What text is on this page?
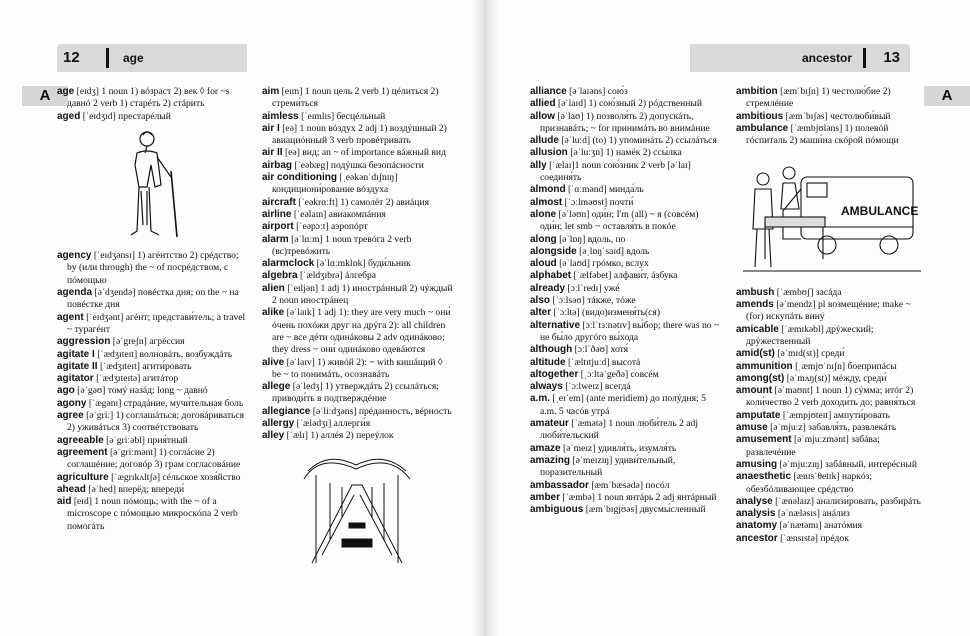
12	age
A age [eɪdʒ] 1 noun 1) вóзраст 2) век ◊ for ~s давнó 2 verb 1) старéть 2) стáрить

aged [ˈeɪdʒɪd] престарéлый

agency [ˈeɪdʒənsɪ] 1) агéнтство 2) срéдство; by (или through) the ~ of посрéдством, с пóмощью

agenda [əˈdʒendə] повéстка дня; on the ~ на повéстке дня

agent [ˈeɪdʒənt] агéнт; представи́тель; a travel ~ турагéнт

aggression [əˈgreʃn] агрéссия

agitate I [ˈædʒɪteɪt] волновáть, возбуждáть

agitate II [ˈædʒɪteɪt] агити́ровать

agitator [ˈædʒɪteɪtə] агитáтор

ago [əˈgəʊ] томý назáд; long ~ давнó

agony [ˈægənɪ] страдáние, мучи́тельная боль

agree [əˈgriː] 1) соглашáться; договáриваться 2) уживáться 3) соотвéтствовать

agreeable [əˈgriːəbl] прия́тный

agreement [əˈgriːmənt] 1) соглáсие 2) соглашéние; договóр 3) грам согласовáние

agriculture [ˈægrɪkʌltʃə] сéльское хозя́йство

ahead [əˈhed] вперёд; впереди́

aid [eɪd] 1 noun пóмощь; with the ~ of a microscope с пóмощью микроскóпа 2 verb помогáть

aim [eɪm] 1 noun цель 2 verb 1) цéлиться 2) стреми́ться

aimless [ˈeɪmlɪs] бесцéльный

air I [eə] 1 noun вóздух 2 adj 1) воздýшный 2) авиациóнный 3 verb провéтривать

air II [eə] вид; an ~ of importance вáжный вид

airbag [ˈeəbæg] подýшка безопáсности

air conditioning [ˌeəkənˈdɪʃnɪŋ] кондициони́рование вóздуха

aircraft [ˈeəkrɑːft] 1) самолёт 2) авиáция

airline [ˈeəlaɪn] авиакомпáния

airport [ˈeəpɔːt] аэропóрт

alarm [əˈlɑːm] 1 noun тревóга 2 verb (вс)тревóжить

alarmclock [əˈlɑːmklɒk] буди́льник

algebra [ˈældʒɪbrə] áлгебра

alien [ˈeɪljən] 1 adj 1) инострáнный 2) чýждый 2 noun инострáнец

alike [əˈlaɪk] 1 adj 1): they are very much ~ они́ óчень похóжи друг на дрýга 2): all children are ~ все дéти одинáковы 2 adv одинáково; they dress ~ они́ одинáково одевáются

alive [əˈlaɪv] 1) живóй 2): ~ with кишáщий ◊ be ~ to понимáть, осознавáть

allege [əˈledʒ] 1) утверждáть 2) ссылáться; приводи́ть в подтверждéние

allegiance [əˈliːdʒəns] прéданность, вéрность

allergy [ˈælədʒɪ] аллерги́я

alley [ˈælɪ] 1) аллéя 2) переýлок

ancestor 13
A

alliance [əˈlaɪəns] сою́з

allied [əˈlaɪd] 1) сою́зный 2) рóдственный

allow [əˈlaʊ] 1) позволя́ть 2) допускáть, признавáть; ~ for принимáть во внимáние

allude [əˈluːd] (to) 1) упоминáть 2) ссылáться

allusion [əˈluːʒn] 1) намёк 2) ссы́лка

ally [ˈælaɪ]1 noun сою́зник 2 verb [əˈlaɪ] соединя́ть

almond [ˈɑːmənd] минда́ль

almost [ˈɔːlməʊst] почти́

alone [əˈləʊn] оди́н; I'm (all) ~ я (совсéм) оди́н; let smb ~ оставля́ть в покóе

along [əˈlɒŋ] вдоль, по

alongside [əˌlɒŋˈsaɪd] вдоль

aloud [əˈlaʊd] грóмко, вслух

alphabet [ˈælfəbet] алфави́т, áзбука

already [ɔːlˈredɪ] ужé

also [ˈɔːlsəʊ] тáкже, тóже

alter [ˈɔːltə] (видо)изменя́ть(ся)

alternative [ɔːlˈtɜːnətɪv] вы́бор; there was no ~ не бы́ло другóго вы́хода

although [ɔːlˈðəʊ] хотя́

altitude [ˈæltɪtjuːd] высотá

altogether [ˌɔːltəˈgeðə] совсéм

always [ˈɔːlweɪz] всегдá

a.m. [ˌeɪˈem] (ante meridiem) до полýдня; 5 a.m. 5 часóв утрá

amateur [ˈæmətə] 1 noun люби́тель 2 adj люби́тельский

amaze [əˈmeɪz] удивля́ть, изумля́ть

amazing [əˈmeɪzɪŋ] удиви́тельный, поразительный

ambassador [æmˈbæsədə] посóл

amber [ˈæmbə] 1 noun янтáрь 2 adj янтáрный

ambiguous [æmˈbɪgjʊəs] двусмы́сленный

ambition [æmˈbɪʃn] 1) честолю́бие 2) стремлéние

ambitious [æmˈbɪʃəs] честолюби́вый

ambulance [ˈæmbjʊləns] 1) полевóй гóспиталь 2) маши́на скóрой пóмощи

AMBULANCE

ambush [ˈæmbʊʃ] засáда

amends [əˈmendz] pl возмещéние; make ~ (for) искупáть винý

amicable [ˈæmɪkəbl] дрýжеский; дрýжественный

amid(st) [əˈmɪd(st)] среди́

ammunition [ˌæmjʊˈnɪʃn] боеприпáсы

among(st) [əˈmʌŋ(st)] мéжду, среди́

amount [əˈmaʊnt] 1 noun 1) сýмма; итóг 2) коли́чество 2 verb доходи́ть до; равня́ться

amputate [ˈæmpjʊteɪt] ампути́ровать

amuse [əˈmjuːz] забавля́ть, развлекáть

amusement [əˈmjuːzmənt] забáва; развлечéние

amusing [əˈmjuːzɪŋ] забáвный, интерéсный

anaesthetic [ænɪsˈθetɪk] наркóз; обезбóливающее срéдство

analyse [ˈænəlaɪz] анализи́ровать, разбирáть

analysis [əˈnæləsɪs] анáлиз

anatomy [əˈnætəmɪ] анатóмия

ancestor [ˈænsɪstə] прéдок
